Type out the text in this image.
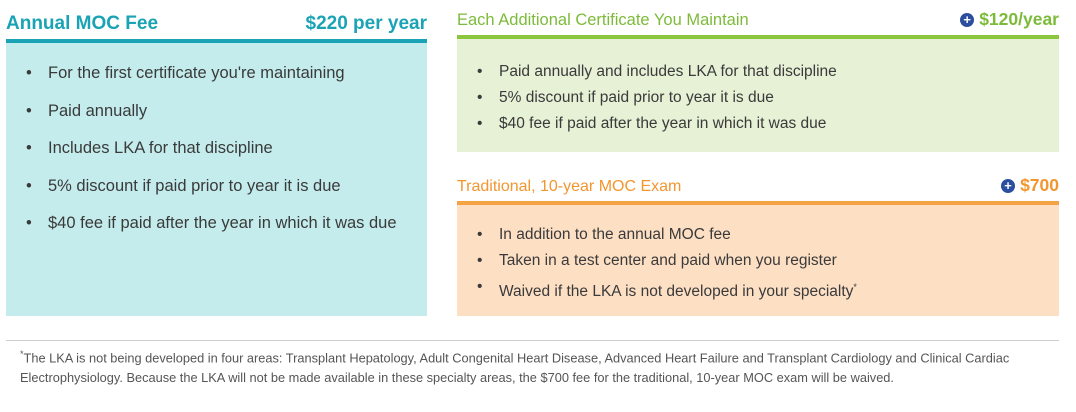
Annual MOC Fee	$220 per year
• For the first certificate you're maintaining
• Paid annually
• Includes LKA for that discipline
• 5% discount if paid prior to year it is due
• $40 fee if paid after the year in which it was due
Each Additional Certificate You Maintain	+ $120/year
• Paid annually and includes LKA for that discipline
• 5% discount if paid prior to year it is due
• $40 fee if paid after the year in which it was due
Traditional, 10-year MOC Exam	+ $700
• In addition to the annual MOC fee
• Taken in a test center and paid when you register
• Waived if the LKA is not developed in your specialty*
*The LKA is not being developed in four areas: Transplant Hepatology, Adult Congenital Heart Disease, Advanced Heart Failure and Transplant Cardiology and Clinical Cardiac Electrophysiology. Because the LKA will not be made available in these specialty areas, the $700 fee for the traditional, 10-year MOC exam will be waived.
